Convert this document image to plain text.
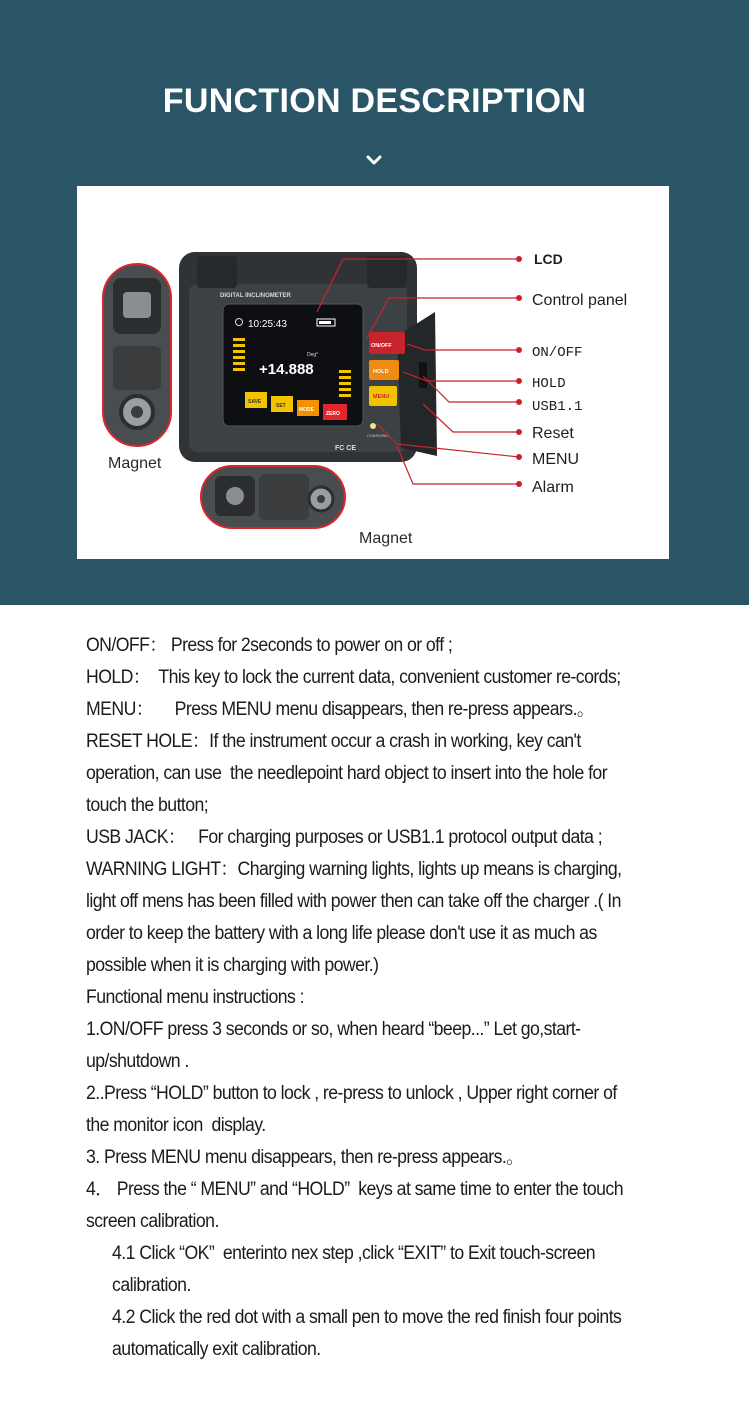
FUNCTION DESCRIPTION
Magnet
DIGITAL INCLINOMETER
10:25:43
Deg°
+14.888
SAVE
SET
MODE
ZERO
ON/OFF
HOLD
MENU
CHARGING
FC CE
Magnet
LCD
Control panel
ON/OFF
HOLD
USB1.1
Reset
MENU
Alarm

ON/OFF： Press for 2seconds to power on or off ;

HOLD：  This key to lock the current data, convenient customer re-cords;

MENU：     Press MENU menu disappears, then re-press appears.。

RESET HOLE：If the instrument occur a crash in working, key can't operation, can use  the needlepoint hard object to insert into the hole for touch the button;

USB JACK：   For charging purposes or USB1.1 protocol output data ;

WARNING LIGHT：Charging warning lights, lights up means is charging, light off mens has been filled with power then can take off the charger .( In order to keep the battery with a long life please don't use it as much as possible when it is charging with power.)

Functional menu instructions :

1.ON/OFF press 3 seconds or so, when heard “beep...” Let go,start-up/shutdown .

2..Press “HOLD” button to lock , re-press to unlock , Upper right corner of the monitor icon  display.

3. Press MENU menu disappears, then re-press appears.。

4． Press the “ MENU” and “HOLD”  keys at same time to enter the touch screen calibration.

4.1 Click “OK”  enterinto nex step ,click “EXIT” to Exit touch-screen calibration.

4.2 Click the red dot with a small pen to move the red finish four points automatically exit calibration.
